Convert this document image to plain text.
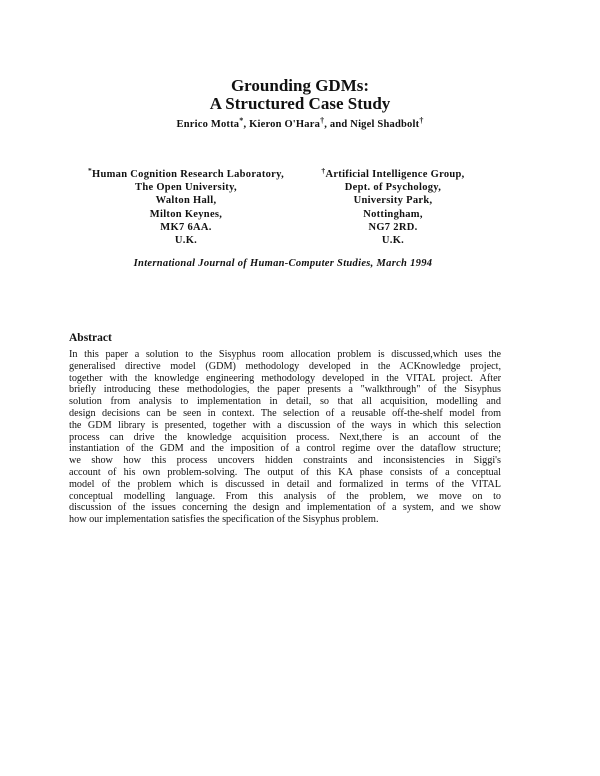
Grounding GDMs:
A Structured Case Study
Enrico Motta*, Kieron O'Hara†, and Nigel Shadbolt†
*Human Cognition Research Laboratory,
The Open University,
Walton Hall,
Milton Keynes,
MK7 6AA.
U.K.
†Artificial Intelligence Group,
Dept. of Psychology,
University Park,
Nottingham,
NG7 2RD.
U.K.
International Journal of Human-Computer Studies, March 1994
Abstract
In this paper a solution to the Sisyphus room allocation problem is discussed,which uses the
generalised directive model (GDM) methodology developed in the ACKnowledge project,
together with the knowledge engineering methodology developed in the VITAL project. After
briefly introducing these methodologies, the paper presents a "walkthrough" of the Sisyphus
solution from analysis to implementation in detail, so that all acquisition, modelling and
design decisions can be seen in context. The selection of a reusable off-the-shelf model from
the GDM library is presented, together with a discussion of the ways in which this selection
process can drive the knowledge acquisition process. Next,there is an account of the
instantiation of the GDM and the imposition of a control regime over the dataflow structure;
we show how this process uncovers hidden constraints and inconsistencies in Siggi's
account of his own problem-solving. The output of this KA phase consists of a conceptual
model of the problem which is discussed in detail and formalized in terms of the VITAL
conceptual modelling language. From this analysis of the problem, we move on to
discussion of the issues concerning the design and implementation of a system, and we show
how our implementation satisfies the specification of the Sisyphus problem.
